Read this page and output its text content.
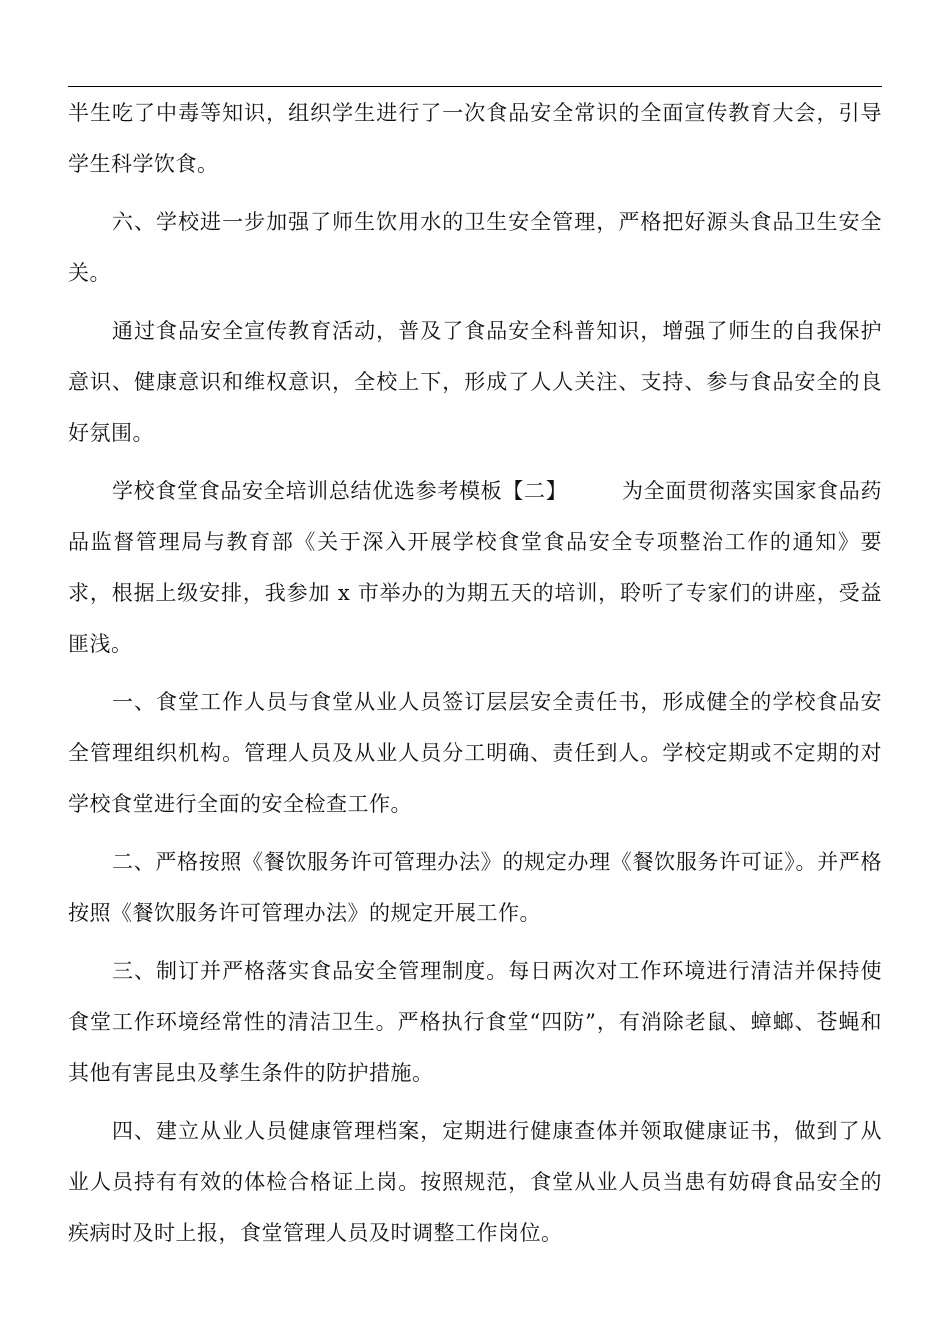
半生吃了中毒等知识，组织学生进行了一次食品安全常识的全面宣传教育大会，引导学生科学饮食。

六、学校进一步加强了师生饮用水的卫生安全管理，严格把好源头食品卫生安全关。

通过食品安全宣传教育活动，普及了食品安全科普知识，增强了师生的自我保护意识、健康意识和维权意识，全校上下，形成了人人关注、支持、参与食品安全的良好氛围。

学校食堂食品安全培训总结优选参考模板【二】　　　为全面贯彻落实国家食品药品监督管理局与教育部《关于深入开展学校食堂食品安全专项整治工作的通知》要求，根据上级安排，我参加 x 市举办的为期五天的培训，聆听了专家们的讲座，受益匪浅。

一、食堂工作人员与食堂从业人员签订层层安全责任书，形成健全的学校食品安全管理组织机构。管理人员及从业人员分工明确、责任到人。学校定期或不定期的对学校食堂进行全面的安全检查工作。

二、严格按照《餐饮服务许可管理办法》的规定办理《餐饮服务许可证》。并严格按照《餐饮服务许可管理办法》的规定开展工作。

三、制订并严格落实食品安全管理制度。每日两次对工作环境进行清洁并保持使食堂工作环境经常性的清洁卫生。严格执行食堂“四防”，有消除老鼠、蟑螂、苍蝇和其他有害昆虫及孳生条件的防护措施。

四、建立从业人员健康管理档案，定期进行健康查体并领取健康证书，做到了从业人员持有有效的体检合格证上岗。按照规范，食堂从业人员当患有妨碍食品安全的疾病时及时上报，食堂管理人员及时调整工作岗位。
